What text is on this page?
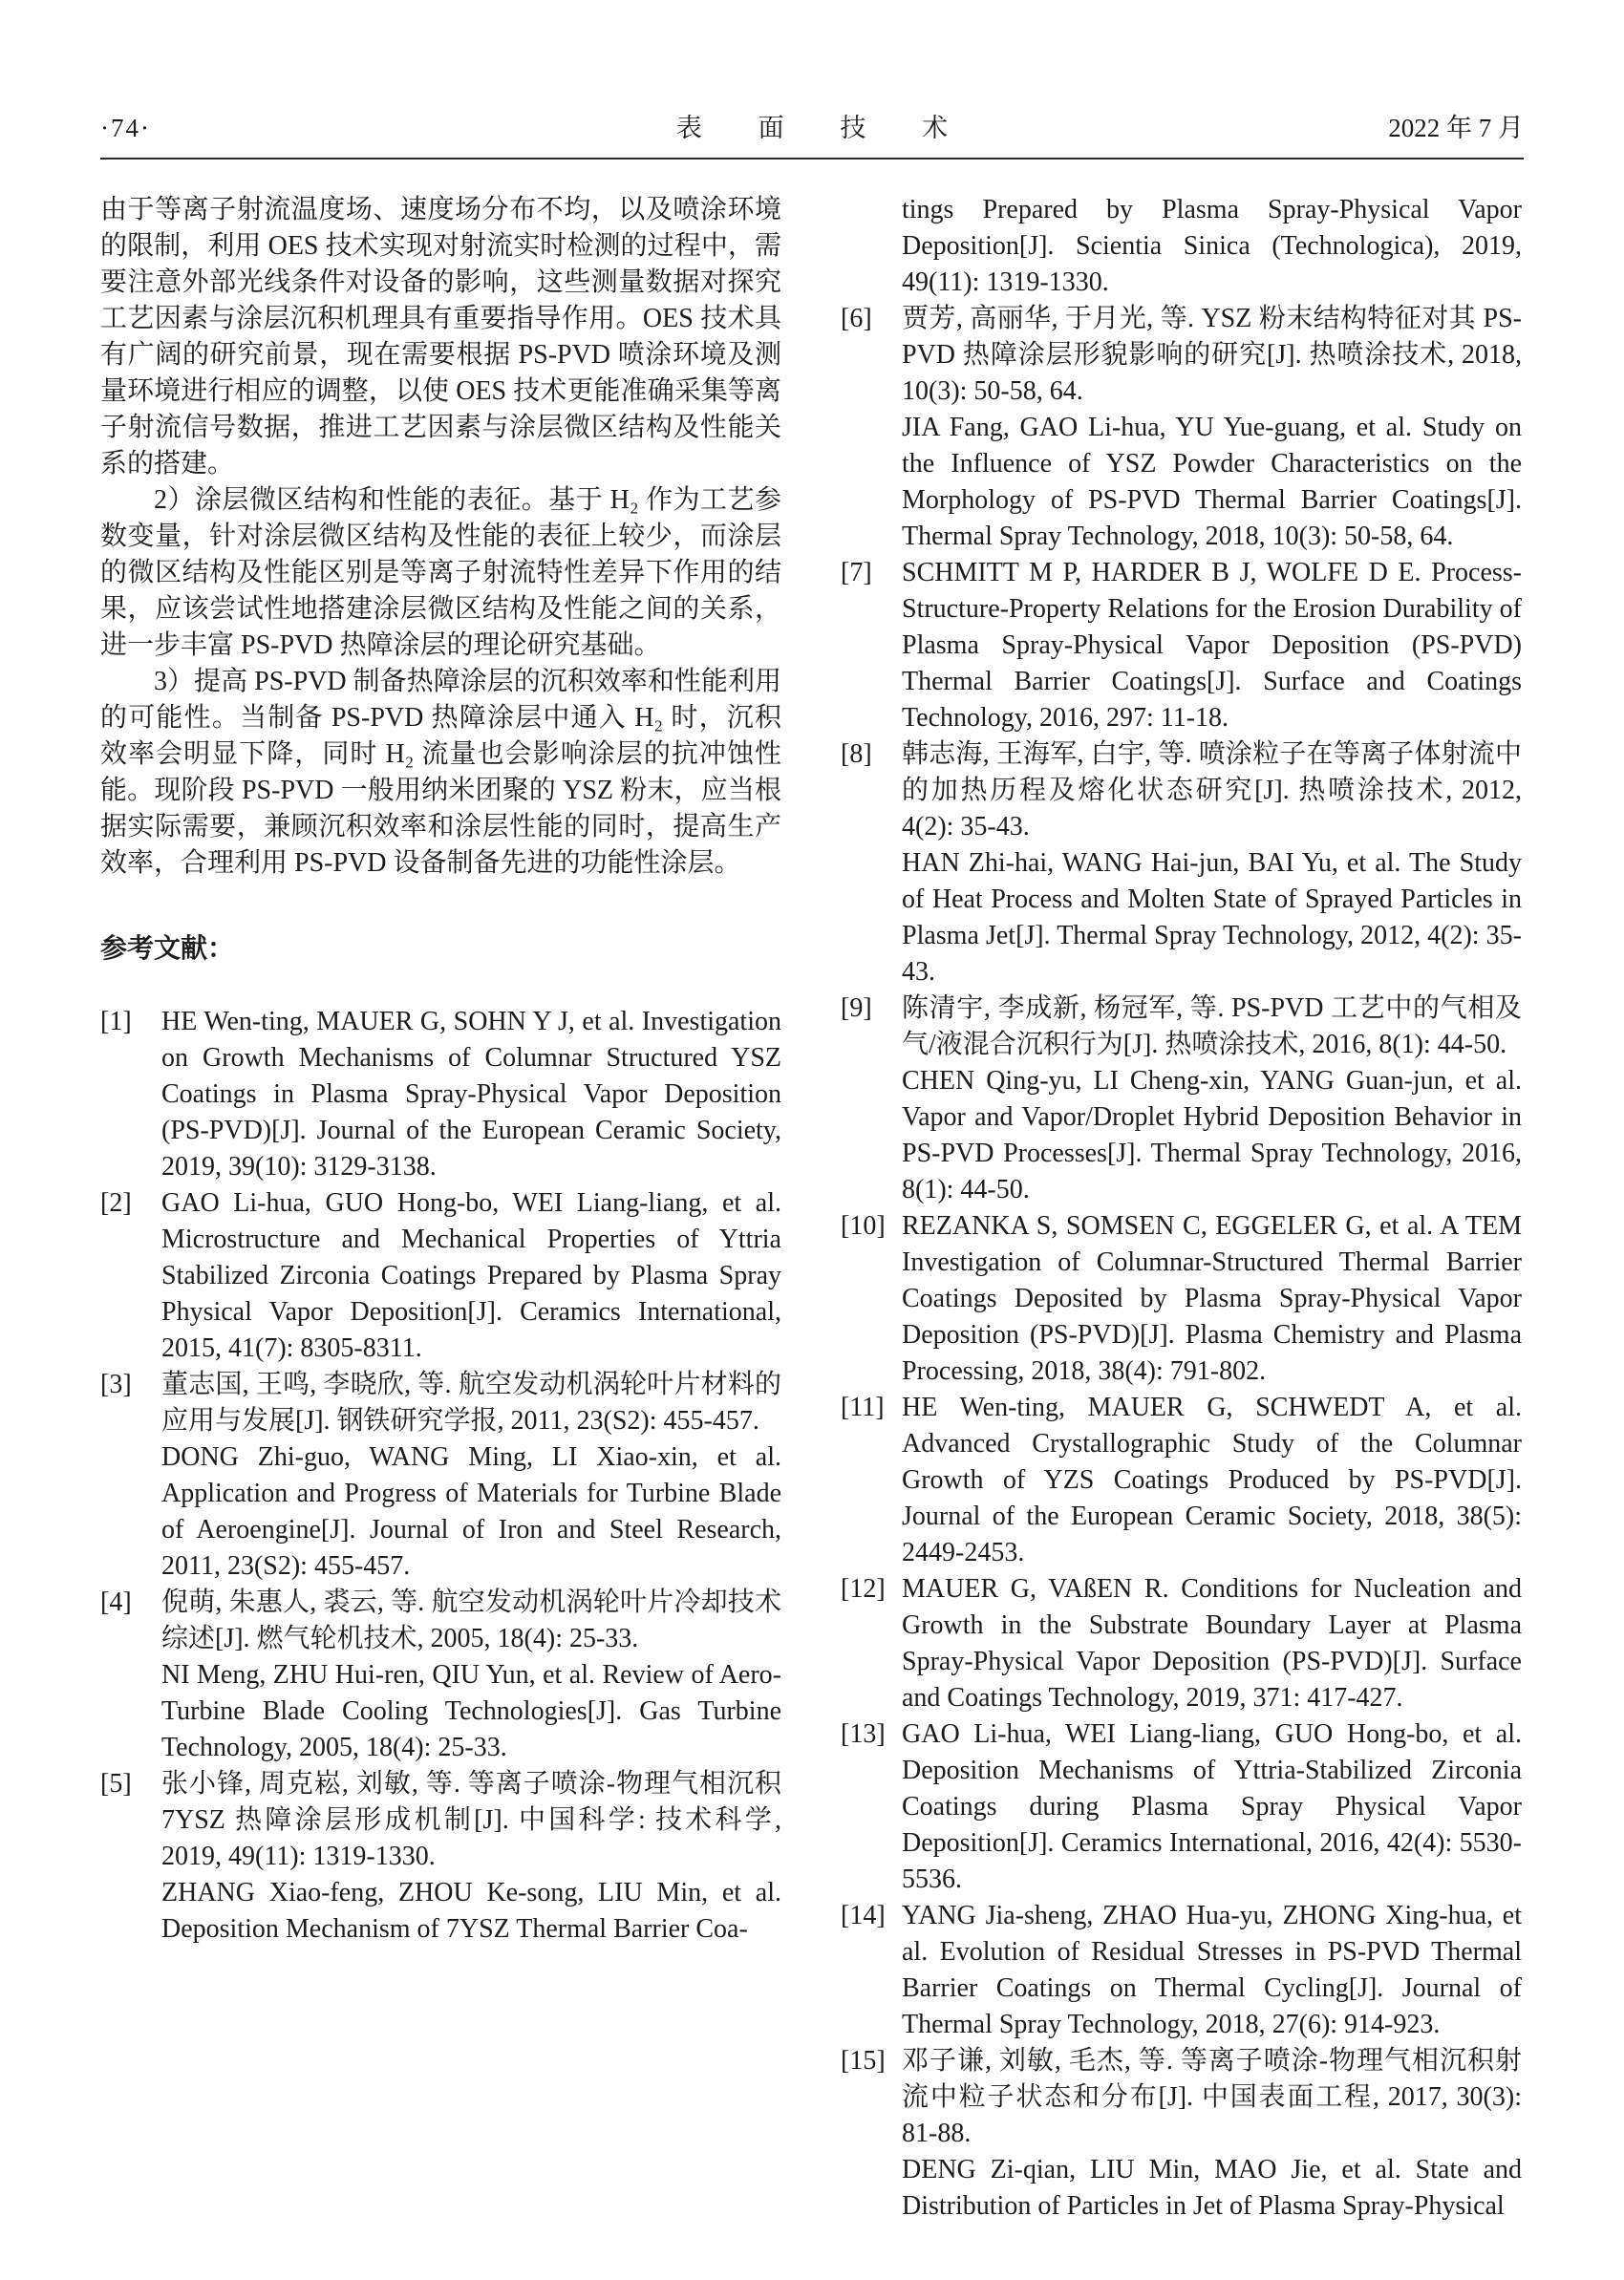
·74·	表 面 技 术	2022 年 7 月

由于等离子射流温度场、速度场分布不均，以及喷涂环境的限制，利用 OES 技术实现对射流实时检测的过程中，需要注意外部光线条件对设备的影响，这些测量数据对探究工艺因素与涂层沉积机理具有重要指导作用。OES 技术具有广阔的研究前景，现在需要根据 PS-PVD 喷涂环境及测量环境进行相应的调整，以使 OES 技术更能准确采集等离子射流信号数据，推进工艺因素与涂层微区结构及性能关系的搭建。

2）涂层微区结构和性能的表征。基于 H₂ 作为工艺参数变量，针对涂层微区结构及性能的表征上较少，而涂层的微区结构及性能区别是等离子射流特性差异下作用的结果，应该尝试性地搭建涂层微区结构及性能之间的关系，进一步丰富 PS-PVD 热障涂层的理论研究基础。

3）提高 PS-PVD 制备热障涂层的沉积效率和性能利用的可能性。当制备 PS-PVD 热障涂层中通入 H₂ 时，沉积效率会明显下降，同时 H₂ 流量也会影响涂层的抗冲蚀性能。现阶段 PS-PVD 一般用纳米团聚的 YSZ 粉末，应当根据实际需要，兼顾沉积效率和涂层性能的同时，提高生产效率，合理利用 PS-PVD 设备制备先进的功能性涂层。

参考文献：
[1]	HE Wen-ting, MAUER G, SOHN Y J, et al. Investigation on Growth Mechanisms of Columnar Structured YSZ Coatings in Plasma Spray-Physical Vapor Deposition (PS-PVD)[J]. Journal of the European Ceramic Society, 2019, 39(10): 3129-3138.

[2]	GAO Li-hua, GUO Hong-bo, WEI Liang-liang, et al. Microstructure and Mechanical Properties of Yttria Stabilized Zirconia Coatings Prepared by Plasma Spray Physical Vapor Deposition[J]. Ceramics International, 2015, 41(7): 8305-8311.

[3]	董志国, 王鸣, 李晓欣, 等. 航空发动机涡轮叶片材料的应用与发展[J]. 钢铁研究学报, 2011, 23(S2): 455-457.

DONG Zhi-guo, WANG Ming, LI Xiao-xin, et al. Application and Progress of Materials for Turbine Blade of Aeroengine[J]. Journal of Iron and Steel Research, 2011, 23(S2): 455-457.

[4]	倪萌, 朱惠人, 裘云, 等. 航空发动机涡轮叶片冷却技术综述[J]. 燃气轮机技术, 2005, 18(4): 25-33.

NI Meng, ZHU Hui-ren, QIU Yun, et al. Review of Aero-Turbine Blade Cooling Technologies[J]. Gas Turbine Technology, 2005, 18(4): 25-33.

[5]	张小锋, 周克崧, 刘敏, 等. 等离子喷涂-物理气相沉积 7YSZ 热障涂层形成机制[J]. 中国科学: 技术科学, 2019, 49(11): 1319-1330.

ZHANG Xiao-feng, ZHOU Ke-song, LIU Min, et al. Deposition Mechanism of 7YSZ Thermal Barrier Coa-

tings Prepared by Plasma Spray-Physical Vapor Deposition[J]. Scientia Sinica (Technologica), 2019, 49(11): 1319-1330.

[6]	贾芳, 高丽华, 于月光, 等. YSZ 粉末结构特征对其 PS-PVD 热障涂层形貌影响的研究[J]. 热喷涂技术, 2018, 10(3): 50-58, 64.

JIA Fang, GAO Li-hua, YU Yue-guang, et al. Study on the Influence of YSZ Powder Characteristics on the Morphology of PS-PVD Thermal Barrier Coatings[J]. Thermal Spray Technology, 2018, 10(3): 50-58, 64.

[7]	SCHMITT M P, HARDER B J, WOLFE D E. Process-Structure-Property Relations for the Erosion Durability of Plasma Spray-Physical Vapor Deposition (PS-PVD) Thermal Barrier Coatings[J]. Surface and Coatings Technology, 2016, 297: 11-18.

[8]	韩志海, 王海军, 白宇, 等. 喷涂粒子在等离子体射流中的加热历程及熔化状态研究[J]. 热喷涂技术, 2012, 4(2): 35-43.

HAN Zhi-hai, WANG Hai-jun, BAI Yu, et al. The Study of Heat Process and Molten State of Sprayed Particles in Plasma Jet[J]. Thermal Spray Technology, 2012, 4(2): 35-43.

[9]	陈清宇, 李成新, 杨冠军, 等. PS-PVD 工艺中的气相及气/液混合沉积行为[J]. 热喷涂技术, 2016, 8(1): 44-50.

CHEN Qing-yu, LI Cheng-xin, YANG Guan-jun, et al. Vapor and Vapor/Droplet Hybrid Deposition Behavior in PS-PVD Processes[J]. Thermal Spray Technology, 2016, 8(1): 44-50.

[10] REZANKA S, SOMSEN C, EGGELER G, et al. A TEM Investigation of Columnar-Structured Thermal Barrier Coatings Deposited by Plasma Spray-Physical Vapor Deposition (PS-PVD)[J]. Plasma Chemistry and Plasma Processing, 2018, 38(4): 791-802.

[11] HE Wen-ting, MAUER G, SCHWEDT A, et al. Advanced Crystallographic Study of the Columnar Growth of YZS Coatings Produced by PS-PVD[J]. Journal of the European Ceramic Society, 2018, 38(5): 2449-2453.

[12] MAUER G, VAßEN R. Conditions for Nucleation and Growth in the Substrate Boundary Layer at Plasma Spray-Physical Vapor Deposition (PS-PVD)[J]. Surface and Coatings Technology, 2019, 371: 417-427.

[13] GAO Li-hua, WEI Liang-liang, GUO Hong-bo, et al. Deposition Mechanisms of Yttria-Stabilized Zirconia Coatings during Plasma Spray Physical Vapor Deposition[J]. Ceramics International, 2016, 42(4): 5530-5536.

[14] YANG Jia-sheng, ZHAO Hua-yu, ZHONG Xing-hua, et al. Evolution of Residual Stresses in PS-PVD Thermal Barrier Coatings on Thermal Cycling[J]. Journal of Thermal Spray Technology, 2018, 27(6): 914-923.

[15] 邓子谦, 刘敏, 毛杰, 等. 等离子喷涂-物理气相沉积射流中粒子状态和分布[J]. 中国表面工程, 2017, 30(3): 81-88.

DENG Zi-qian, LIU Min, MAO Jie, et al. State and Distribution of Particles in Jet of Plasma Spray-Physical
